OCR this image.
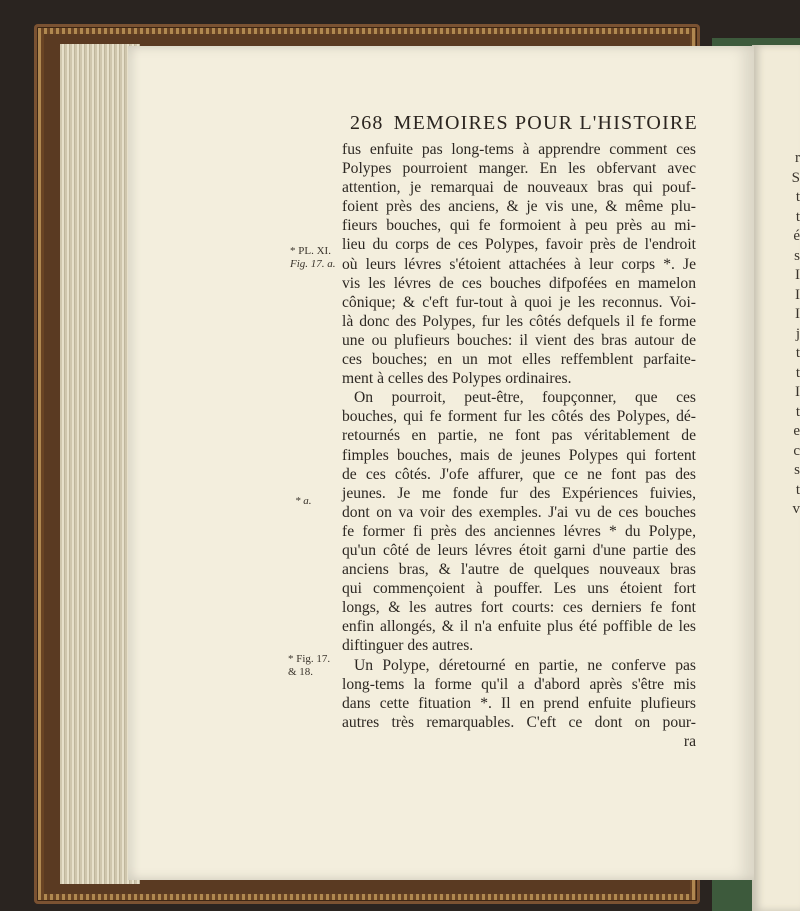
r
S
t
t
é
s
I
I
I
j
t
t
I
t
e
c
s
t
v
268 MEMOIRES POUR L'HISTOIRE
fus enfuite pas long-tems à apprendre comment ces
Polypes pourroient manger. En les obfervant avec
attention, je remarquai de nouveaux bras qui pouf-
foient près des anciens, & je vis une, & même plu-
fieurs bouches, qui fe formoient à peu près au mi-
lieu du corps de ces Polypes, favoir près de l'endroit
où leurs lévres s'étoient attachées à leur corps *. Je
vis les lévres de ces bouches difpofées en mamelon
cônique; & c'eft fur-tout à quoi je les reconnus. Voi-
là donc des Polypes, fur les côtés defquels il fe forme
une ou plufieurs bouches: il vient des bras autour de
ces bouches; en un mot elles reffemblent parfaite-
ment à celles des Polypes ordinaires.
On pourroit, peut-être, foupçonner, que ces
bouches, qui fe forment fur les côtés des Polypes, dé-
retournés en partie, ne font pas véritablement de
fimples bouches, mais de jeunes Polypes qui fortent
de ces côtés. J'ofe affurer, que ce ne font pas des
jeunes. Je me fonde fur des Expériences fuivies,
dont on va voir des exemples. J'ai vu de ces bouches
fe former fi près des anciennes lévres * du Polype,
qu'un côté de leurs lévres étoit garni d'une partie des
anciens bras, & l'autre de quelques nouveaux bras
qui commençoient à pouffer. Les uns étoient fort
longs, & les autres fort courts: ces derniers fe font
enfin allongés, & il n'a enfuite plus été poffible de les
diftinguer des autres.
Un Polype, déretourné en partie, ne conferve pas
long-tems la forme qu'il a d'abord après s'être mis
dans cette fituation *. Il en prend enfuite plufieurs
autres très remarquables. C'eft ce dont on pour-
ra
* PL. XI.
Fig. 17. a.
* a.
* Fig. 17.
& 18.
